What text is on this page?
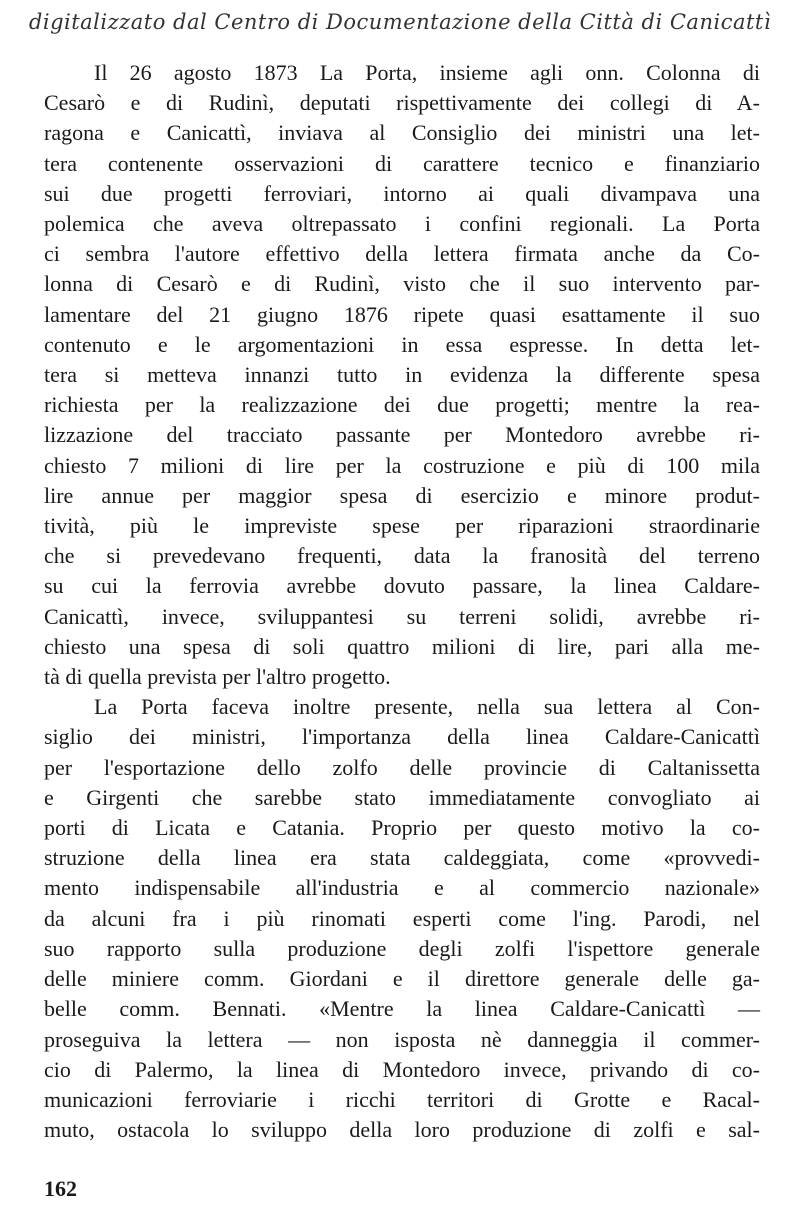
digitalizzato dal Centro di Documentazione della Città di Canicattì

Il 26 agosto 1873 La Porta, insieme agli onn. Colonna di

Cesarò e di Rudinì, deputati rispettivamente dei collegi di A-

ragona e Canicattì, inviava al Consiglio dei ministri una let-

tera contenente osservazioni di carattere tecnico e finanziario

sui due progetti ferroviari, intorno ai quali divampava una

polemica che aveva oltrepassato i confini regionali. La Porta

ci sembra l'autore effettivo della lettera firmata anche da Co-

lonna di Cesarò e di Rudinì, visto che il suo intervento par-

lamentare del 21 giugno 1876 ripete quasi esattamente il suo

contenuto e le argomentazioni in essa espresse. In detta let-

tera si metteva innanzi tutto in evidenza la differente spesa

richiesta per la realizzazione dei due progetti; mentre la rea-

lizzazione del tracciato passante per Montedoro avrebbe ri-

chiesto 7 milioni di lire per la costruzione e più di 100 mila

lire annue per maggior spesa di esercizio e minore produt-

tività, più le impreviste spese per riparazioni straordinarie

che si prevedevano frequenti, data la franosità del terreno

su cui la ferrovia avrebbe dovuto passare, la linea Caldare-

Canicattì, invece, sviluppantesi su terreni solidi, avrebbe ri-

chiesto una spesa di soli quattro milioni di lire, pari alla me-

tà di quella prevista per l'altro progetto.

La Porta faceva inoltre presente, nella sua lettera al Con-

siglio dei ministri, l'importanza della linea Caldare-Canicattì

per l'esportazione dello zolfo delle provincie di Caltanissetta

e Girgenti che sarebbe stato immediatamente convogliato ai

porti di Licata e Catania. Proprio per questo motivo la co-

struzione della linea era stata caldeggiata, come «provvedi-

mento indispensabile all'industria e al commercio nazionale»

da alcuni fra i più rinomati esperti come l'ing. Parodi, nel

suo rapporto sulla produzione degli zolfi l'ispettore generale

delle miniere comm. Giordani e il direttore generale delle ga-

belle comm. Bennati. «Mentre la linea Caldare-Canicattì —

proseguiva la lettera — non isposta nè danneggia il commer-

cio di Palermo, la linea di Montedoro invece, privando di co-

municazioni ferroviarie i ricchi territori di Grotte e Racal-

muto, ostacola lo sviluppo della loro produzione di zolfi e sal-

162
